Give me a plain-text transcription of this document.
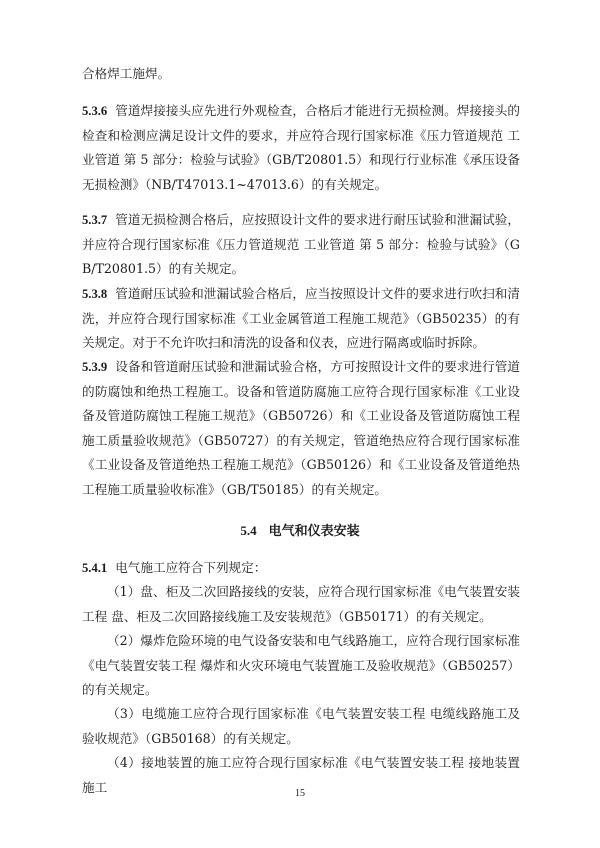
合格焊工施焊。

5.3.6 管道焊接接头应先进行外观检查，合格后才能进行无损检测。焊接接头的检查和检测应满足设计文件的要求，并应符合现行国家标准《压力管道规范 工业管道 第 5 部分：检验与试验》（GB/T20801.5）和现行行业标准《承压设备无损检测》（NB/T47013.1~47013.6）的有关规定。

5.3.7 管道无损检测合格后，应按照设计文件的要求进行耐压试验和泄漏试验，并应符合现行国家标准《压力管道规范 工业管道 第 5 部分：检验与试验》（GB/T20801.5）的有关规定。

5.3.8 管道耐压试验和泄漏试验合格后，应当按照设计文件的要求进行吹扫和清洗，并应符合现行国家标准《工业金属管道工程施工规范》（GB50235）的有关规定。对于不允许吹扫和清洗的设备和仪表，应进行隔离或临时拆除。

5.3.9 设备和管道耐压试验和泄漏试验合格，方可按照设计文件的要求进行管道的防腐蚀和绝热工程施工。设备和管道防腐施工应符合现行国家标准《工业设备及管道防腐蚀工程施工规范》（GB50726）和《工业设备及管道防腐蚀工程施工质量验收规范》（GB50727）的有关规定，管道绝热应符合现行国家标准《工业设备及管道绝热工程施工规范》（GB50126）和《工业设备及管道绝热工程施工质量验收标准》（GB/T50185）的有关规定。

5.4 电气和仪表安装

5.4.1 电气施工应符合下列规定：

（1）盘、柜及二次回路接线的安装，应符合现行国家标准《电气装置安装工程 盘、柜及二次回路接线施工及安装规范》（GB50171）的有关规定。

（2）爆炸危险环境的电气设备安装和电气线路施工，应符合现行国家标准《电气装置安装工程 爆炸和火灾环境电气装置施工及验收规范》（GB50257）的有关规定。

（3）电缆施工应符合现行国家标准《电气装置安装工程 电缆线路施工及验收规范》（GB50168）的有关规定。

（4）接地装置的施工应符合现行国家标准《电气装置安装工程 接地装置施工	15
